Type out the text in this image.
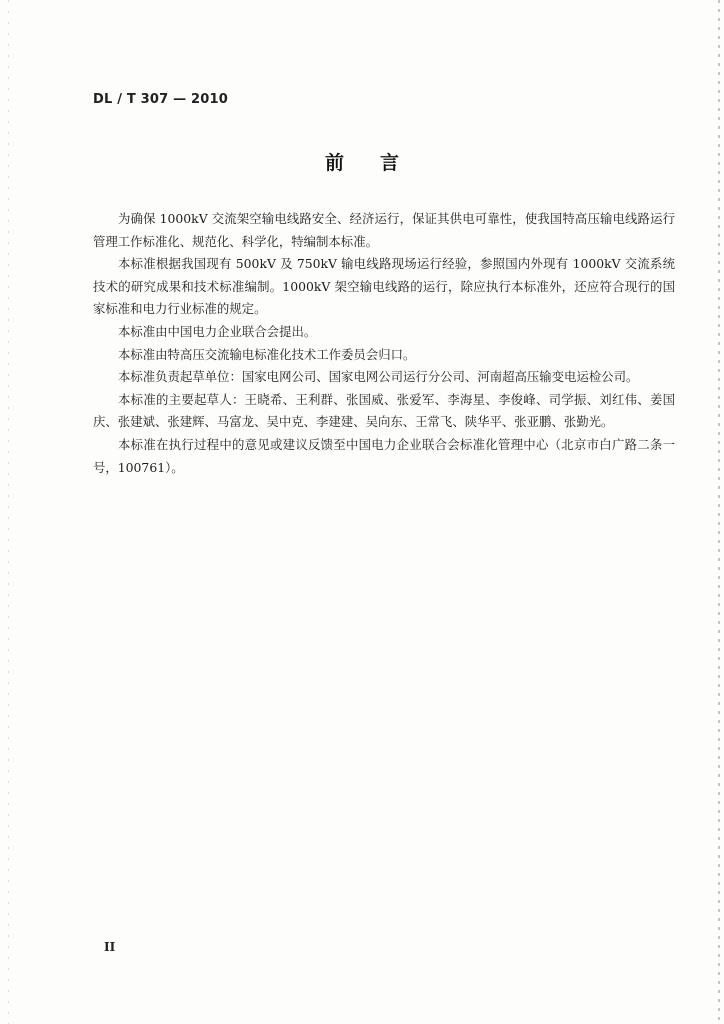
DL / T 307 — 2010
前言

为确保 1000kV 交流架空输电线路安全、经济运行，保证其供电可靠性，使我国特高压输电线路运行管理工作标准化、规范化、科学化，特编制本标准。

本标准根据我国现有 500kV 及 750kV 输电线路现场运行经验，参照国内外现有 1000kV 交流系统技术的研究成果和技术标准编制。1000kV 架空输电线路的运行，除应执行本标准外，还应符合现行的国家标准和电力行业标准的规定。

本标准由中国电力企业联合会提出。

本标准由特高压交流输电标准化技术工作委员会归口。

本标准负责起草单位：国家电网公司、国家电网公司运行分公司、河南超高压输变电运检公司。

本标准的主要起草人：王晓希、王利群、张国威、张爱军、李海星、李俊峰、司学振、刘红伟、姜国庆、张建斌、张建辉、马富龙、吴中克、李建建、吴向东、王常飞、陕华平、张亚鹏、张勤光。

本标准在执行过程中的意见或建议反馈至中国电力企业联合会标准化管理中心（北京市白广路二条一号，100761）。

II
